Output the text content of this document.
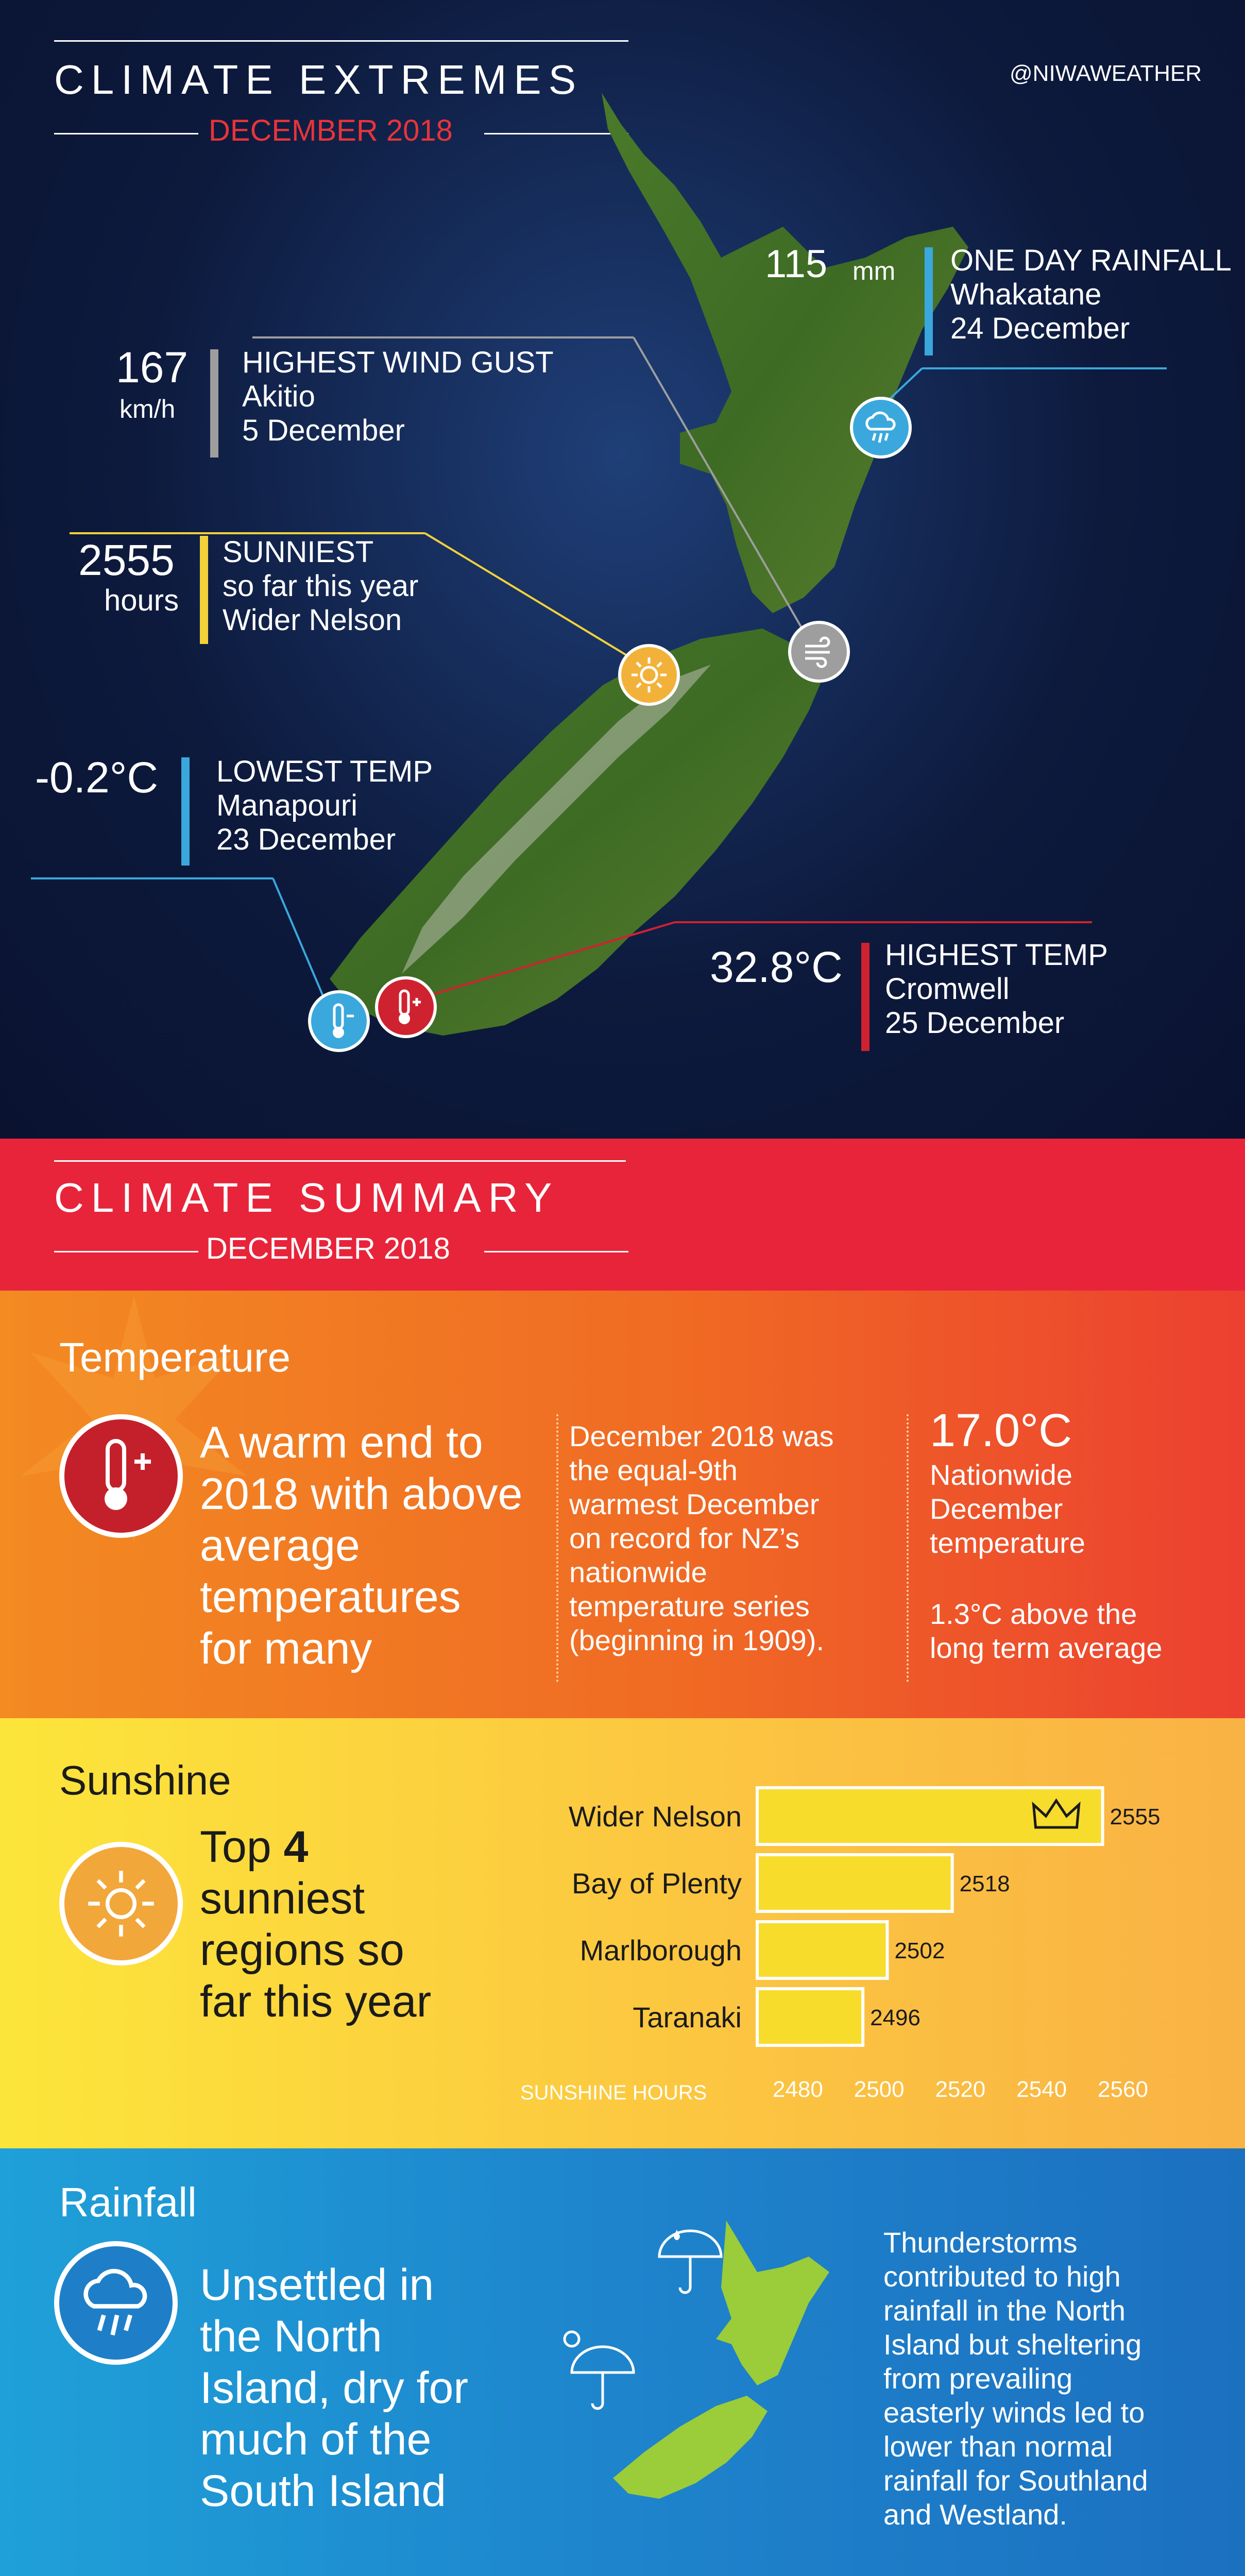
CLIMATE EXTREMES
DECEMBER 2018
@NIWAWEATHER
115 mm ONE DAY RAINFALL
Whakatane
24 December
167
km/h
HIGHEST WIND GUST
Akitio
5 December
2555
hours
SUNNIEST
so far this year
Wider Nelson
-0.2°C LOWEST TEMP
Manapouri
23 December
32.8°C HIGHEST TEMP
Cromwell
25 December
CLIMATE SUMMARY
DECEMBER 2018
Temperature
A warm end to
2018 with above
average
temperatures
for many
December 2018 was
the equal-9th
warmest December
on record for NZ’s
nationwide
temperature series
(beginning in 1909).
17.0°C
Nationwide
December
temperature
1.3°C above the
long term average
Sunshine
Top 4
sunniest
regions so
far this year
Wider Nelson	2555
Bay of Plenty	2518
Marlborough	2502
Taranaki	2496
2480 2500 2520 2540 2560
SUNSHINE HOURS
Rainfall
Unsettled in
the North
Island, dry for
much of the
South Island
Thunderstorms
contributed to high
rainfall in the North
Island but sheltering
from prevailing
easterly winds led to
lower than normal
rainfall for Southland
and Westland.
